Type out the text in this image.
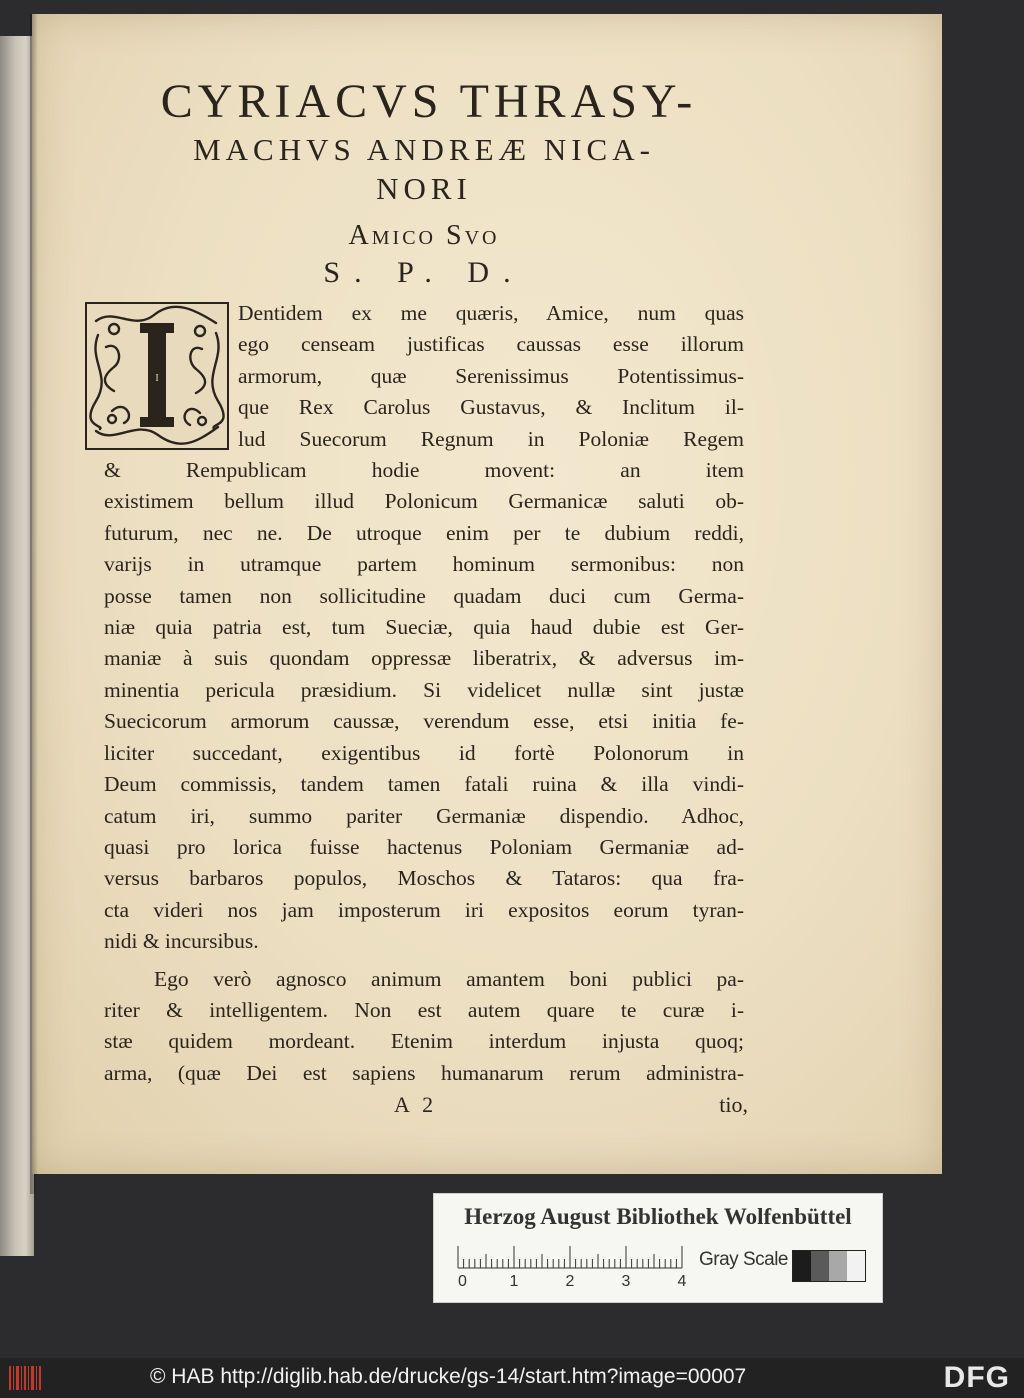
CYRIACVS THRASY-
MACHVS ANDREÆ NICA-
NORI
Amico Svo
S. P. D.
I
Dentidem ex me quæris, Amice, num quas
ego censeam justificas caussas esse illorum
armorum, quæ Serenissimus Potentissimus-
que Rex Carolus Gustavus, & Inclitum il-
lud Suecorum Regnum in Poloniæ Regem
& Rempublicam hodie movent: an item
existimem bellum illud Polonicum Germanicæ saluti ob-
futurum, nec ne. De utroque enim per te dubium reddi,
varijs in utramque partem hominum sermonibus: non
posse tamen non sollicitudine quadam duci cum Germa-
niæ quia patria est, tum Sueciæ, quia haud dubie est Ger-
maniæ à suis quondam oppressæ liberatrix, & adversus im-
minentia pericula præsidium. Si videlicet nullæ sint justæ
Suecicorum armorum caussæ, verendum esse, etsi initia fe-
liciter succedant, exigentibus id fortè Polonorum in
Deum commissis, tandem tamen fatali ruina & illa vindi-
catum iri, summo pariter Germaniæ dispendio. Adhoc,
quasi pro lorica fuisse hactenus Poloniam Germaniæ ad-
versus barbaros populos, Moschos & Tataros: qua fra-
cta videri nos jam imposterum iri expositos eorum tyran-
nidi & incursibus.
Ego verò agnosco animum amantem boni publici pa-
riter & intelligentem. Non est autem quare te curæ i-
stæ quidem mordeant. Etenim interdum injusta quoq;
arma, (quæ Dei est sapiens humanarum rerum administra-
A 2	tio,
Herzog August Bibliothek Wolfenbüttel
0	1	2	3	4
Gray Scale
© HAB http://diglib.hab.de/drucke/gs-14/start.htm?image=00007	DFG
